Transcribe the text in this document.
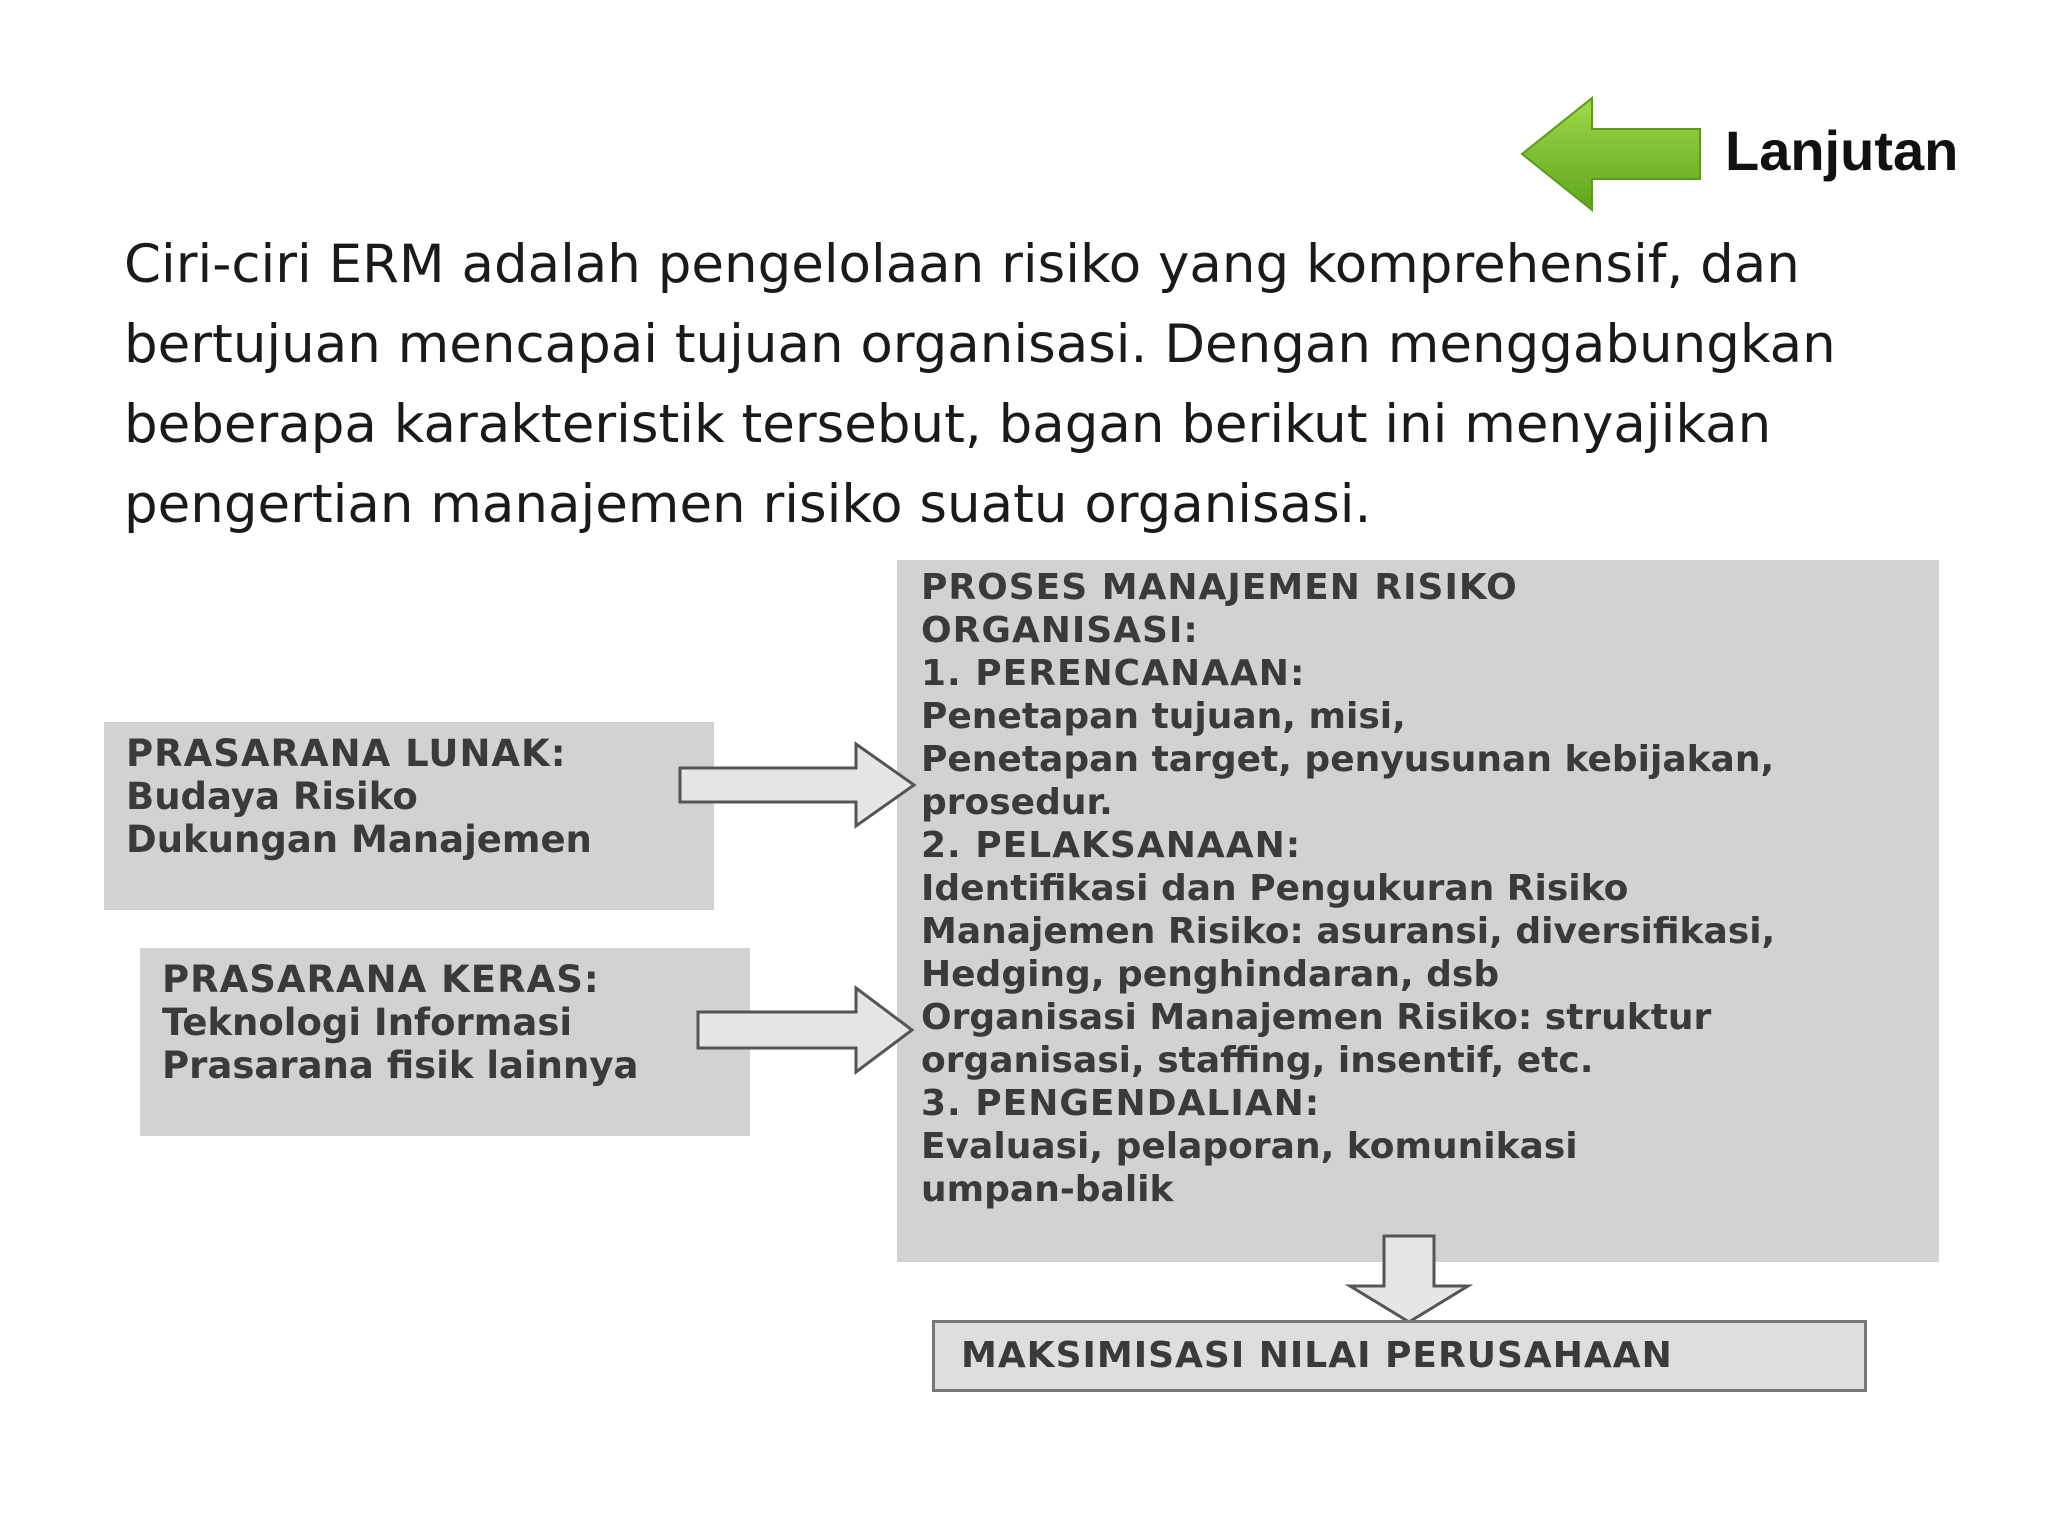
Lanjutan

Ciri-ciri ERM adalah pengelolaan risiko yang komprehensif, dan
bertujuan mencapai tujuan organisasi. Dengan menggabungkan
beberapa karakteristik tersebut, bagan berikut ini menyajikan
pengertian manajemen risiko suatu organisasi.

PRASARANA LUNAK:
Budaya Risiko
Dukungan Manajemen
PRASARANA KERAS:
Teknologi Informasi
Prasarana fisik lainnya
PROSES MANAJEMEN RISIKO
ORGANISASI:
1. PERENCANAAN:
Penetapan tujuan, misi,
Penetapan target, penyusunan kebijakan,
prosedur.
2. PELAKSANAAN:
Identifikasi dan Pengukuran Risiko
Manajemen Risiko: asuransi, diversifikasi,
Hedging, penghindaran, dsb
Organisasi Manajemen Risiko: struktur
organisasi, staffing, insentif, etc.
3. PENGENDALIAN:
Evaluasi, pelaporan, komunikasi
umpan-balik
MAKSIMISASI NILAI PERUSAHAAN
